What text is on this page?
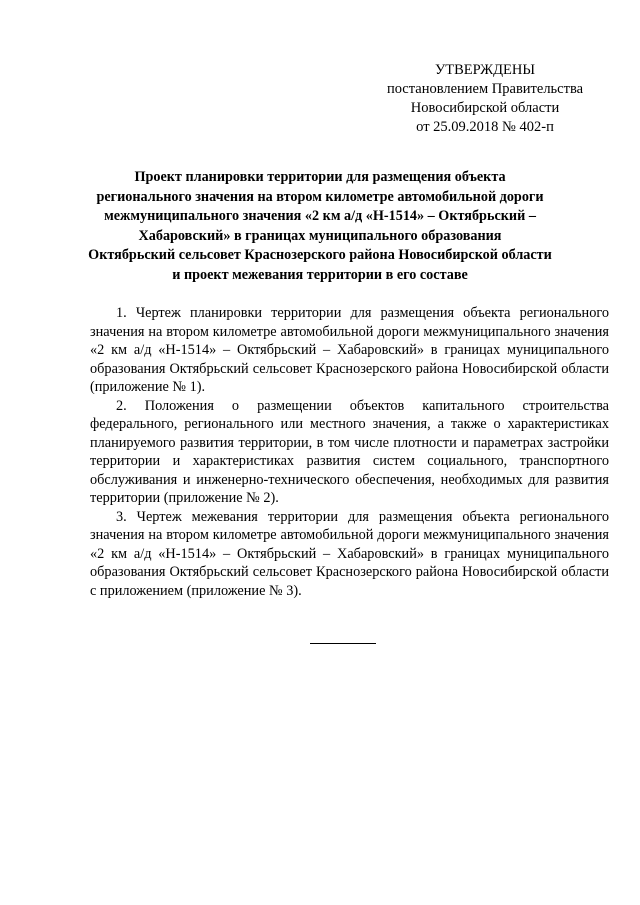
УТВЕРЖДЕНЫ
постановлением Правительства
Новосибирской области
от 25.09.2018 № 402-п
Проект планировки территории для размещения объекта
регионального значения на втором километре автомобильной дороги
межмуниципального значения «2 км а/д «Н-1514» – Октябрьский –
Хабаровский» в границах муниципального образования
Октябрьский сельсовет Краснозерского района Новосибирской области
и проект межевания территории в его составе

1. Чертеж планировки территории для размещения объекта регионального значения на втором километре автомобильной дороги межмуниципального значения «2 км а/д «Н-1514» – Октябрьский – Хабаровский» в границах муниципального образования Октябрьский сельсовет Краснозерского района Новосибирской области (приложение № 1).

2. Положения о размещении объектов капитального строительства федерального, регионального или местного значения, а также о характеристиках планируемого развития территории, в том числе плотности и параметрах застройки территории и характеристиках развития систем социального, транспортного обслуживания и инженерно-технического обеспечения, необходимых для развития территории (приложение № 2).

3. Чертеж межевания территории для размещения объекта регионального значения на втором километре автомобильной дороги межмуниципального значения «2 км а/д «Н-1514» – Октябрьский – Хабаровский» в границах муниципального образования Октябрьский сельсовет Краснозерского района Новосибирской области с приложением (приложение № 3).
